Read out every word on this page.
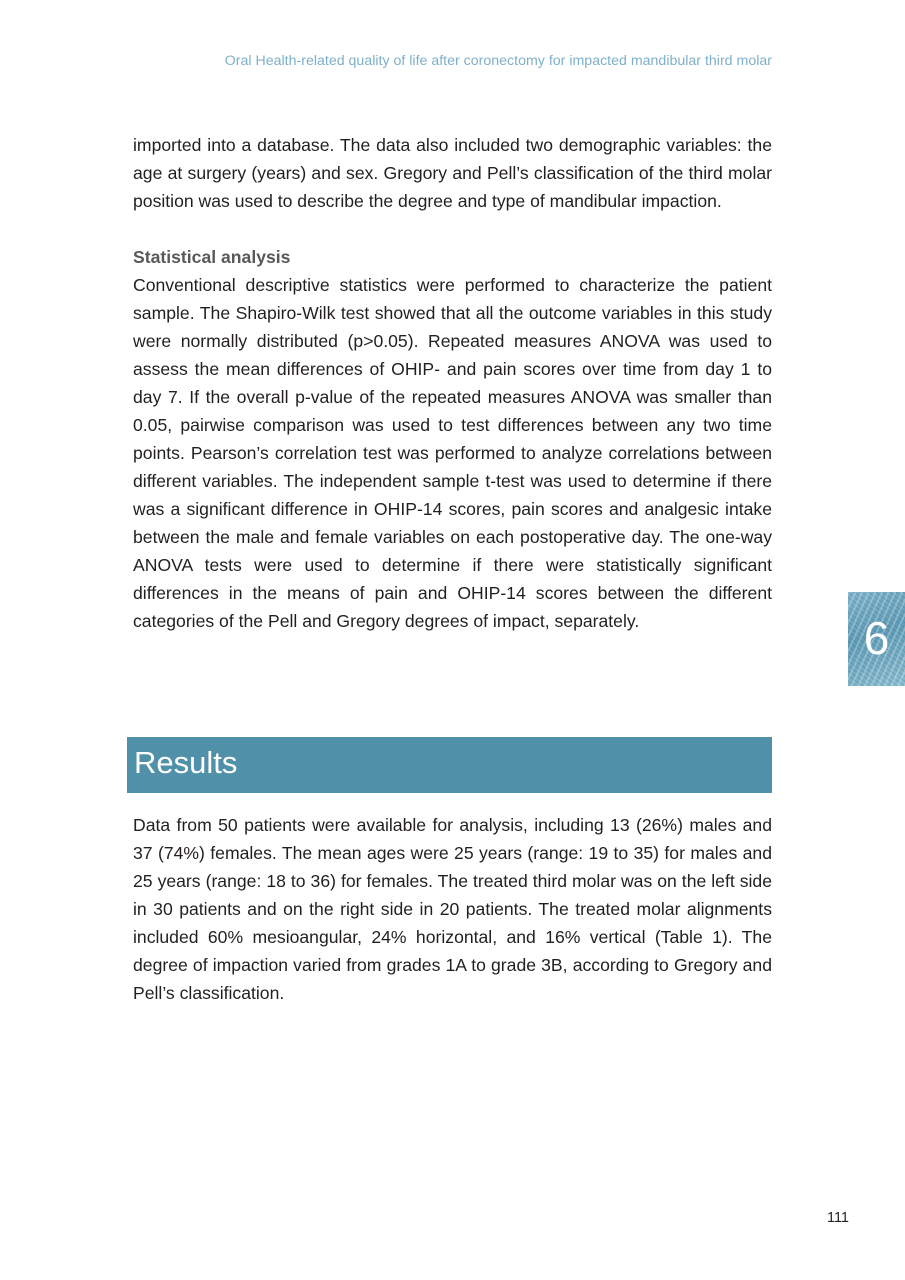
Oral Health-related quality of life after coronectomy for impacted mandibular third molar

imported into a database. The data also included two demographic variables: the age at surgery (years) and sex. Gregory and Pell’s classification of the third molar position was used to describe the degree and type of mandibular impaction.

Statistical analysis

Conventional descriptive statistics were performed to characterize the patient sample. The Shapiro-Wilk test showed that all the outcome variables in this study were normally distributed (p>0.05). Repeated measures ANOVA was used to assess the mean differences of OHIP- and pain scores over time from day 1 to day 7. If the overall p-value of the repeated measures ANOVA was smaller than 0.05, pairwise comparison was used to test differences between any two time points. Pearson’s correlation test was performed to analyze correlations between different variables. The independent sample t-test was used to determine if there was a significant difference in OHIP-14 scores, pain scores and analgesic intake between the male and female variables on each postoperative day. The one-way ANOVA tests were used to determine if there were statistically significant differences in the means of pain and OHIP-14 scores between the different categories of the Pell and Gregory degrees of impact, separately.

Results

Data from 50 patients were available for analysis, including 13 (26%) males and 37 (74%) females. The mean ages were 25 years (range: 19 to 35) for males and 25 years (range: 18 to 36) for females. The treated third molar was on the left side in 30 patients and on the right side in 20 patients. The treated molar alignments included 60% mesioangular, 24% horizontal, and 16% vertical (Table 1). The degree of impaction varied from grades 1A to grade 3B, according to Gregory and Pell’s classification.

6
111
